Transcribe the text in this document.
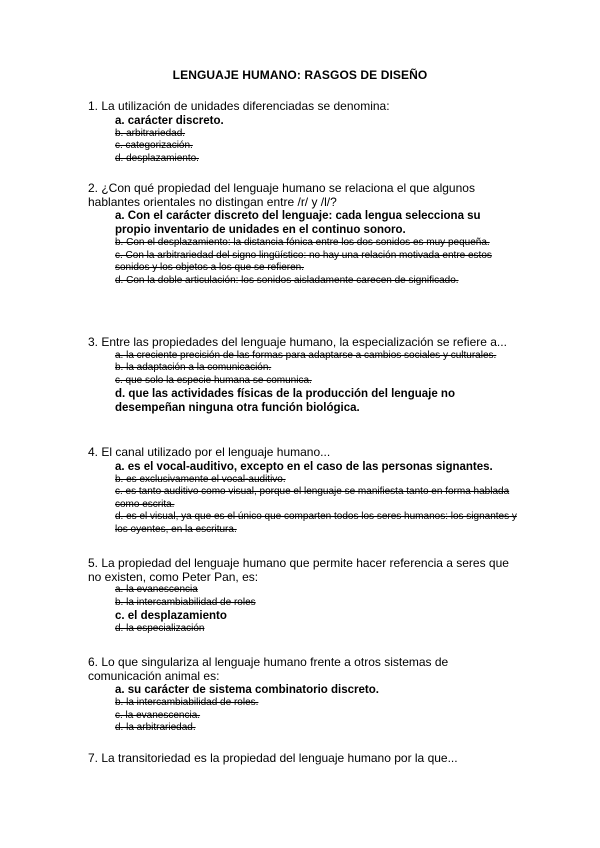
LENGUAJE HUMANO: RASGOS DE DISEÑO
1. La utilización de unidades diferenciadas se denomina:
a. carácter discreto.
b. arbitrariedad.
c. categorización.
d. desplazamiento.
2. ¿Con qué propiedad del lenguaje humano se relaciona el que algunos hablantes orientales no distingan entre /r/ y /l/?
a. Con el carácter discreto del lenguaje: cada lengua selecciona su propio inventario de unidades en el continuo sonoro.
b. Con el desplazamiento: la distancia fónica entre los dos sonidos es muy pequeña.
c. Con la arbitrariedad del signo lingüístico: no hay una relación motivada entre estos sonidos y los objetos a los que se refieren.
d. Con la doble articulación: los sonidos aisladamente carecen de significado.
3. Entre las propiedades del lenguaje humano, la especialización se refiere a...
a. la creciente precisión de las formas para adaptarse a cambios sociales y culturales.
b. la adaptación a la comunicación.
c. que solo la especie humana se comunica.
d. que las actividades físicas de la producción del lenguaje no desempeñan ninguna otra función biológica.
4. El canal utilizado por el lenguaje humano...
a. es el vocal-auditivo, excepto en el caso de las personas signantes.
b. es exclusivamente el vocal-auditivo.
c. es tanto auditivo como visual, porque el lenguaje se manifiesta tanto en forma hablada como escrita.
d. es el visual, ya que es el único que comparten todos los seres humanos: los signantes y los oyentes, en la escritura.
5. La propiedad del lenguaje humano que permite hacer referencia a seres que no existen, como Peter Pan, es:
a. la evanescencia
b. la intercambiabilidad de roles
c. el desplazamiento
d. la especialización
6. Lo que singulariza al lenguaje humano frente a otros sistemas de comunicación animal es:
a. su carácter de sistema combinatorio discreto.
b. la intercambiabilidad de roles.
c. la evanescencia.
d. la arbitrariedad.
7. La transitoriedad es la propiedad del lenguaje humano por la que...
